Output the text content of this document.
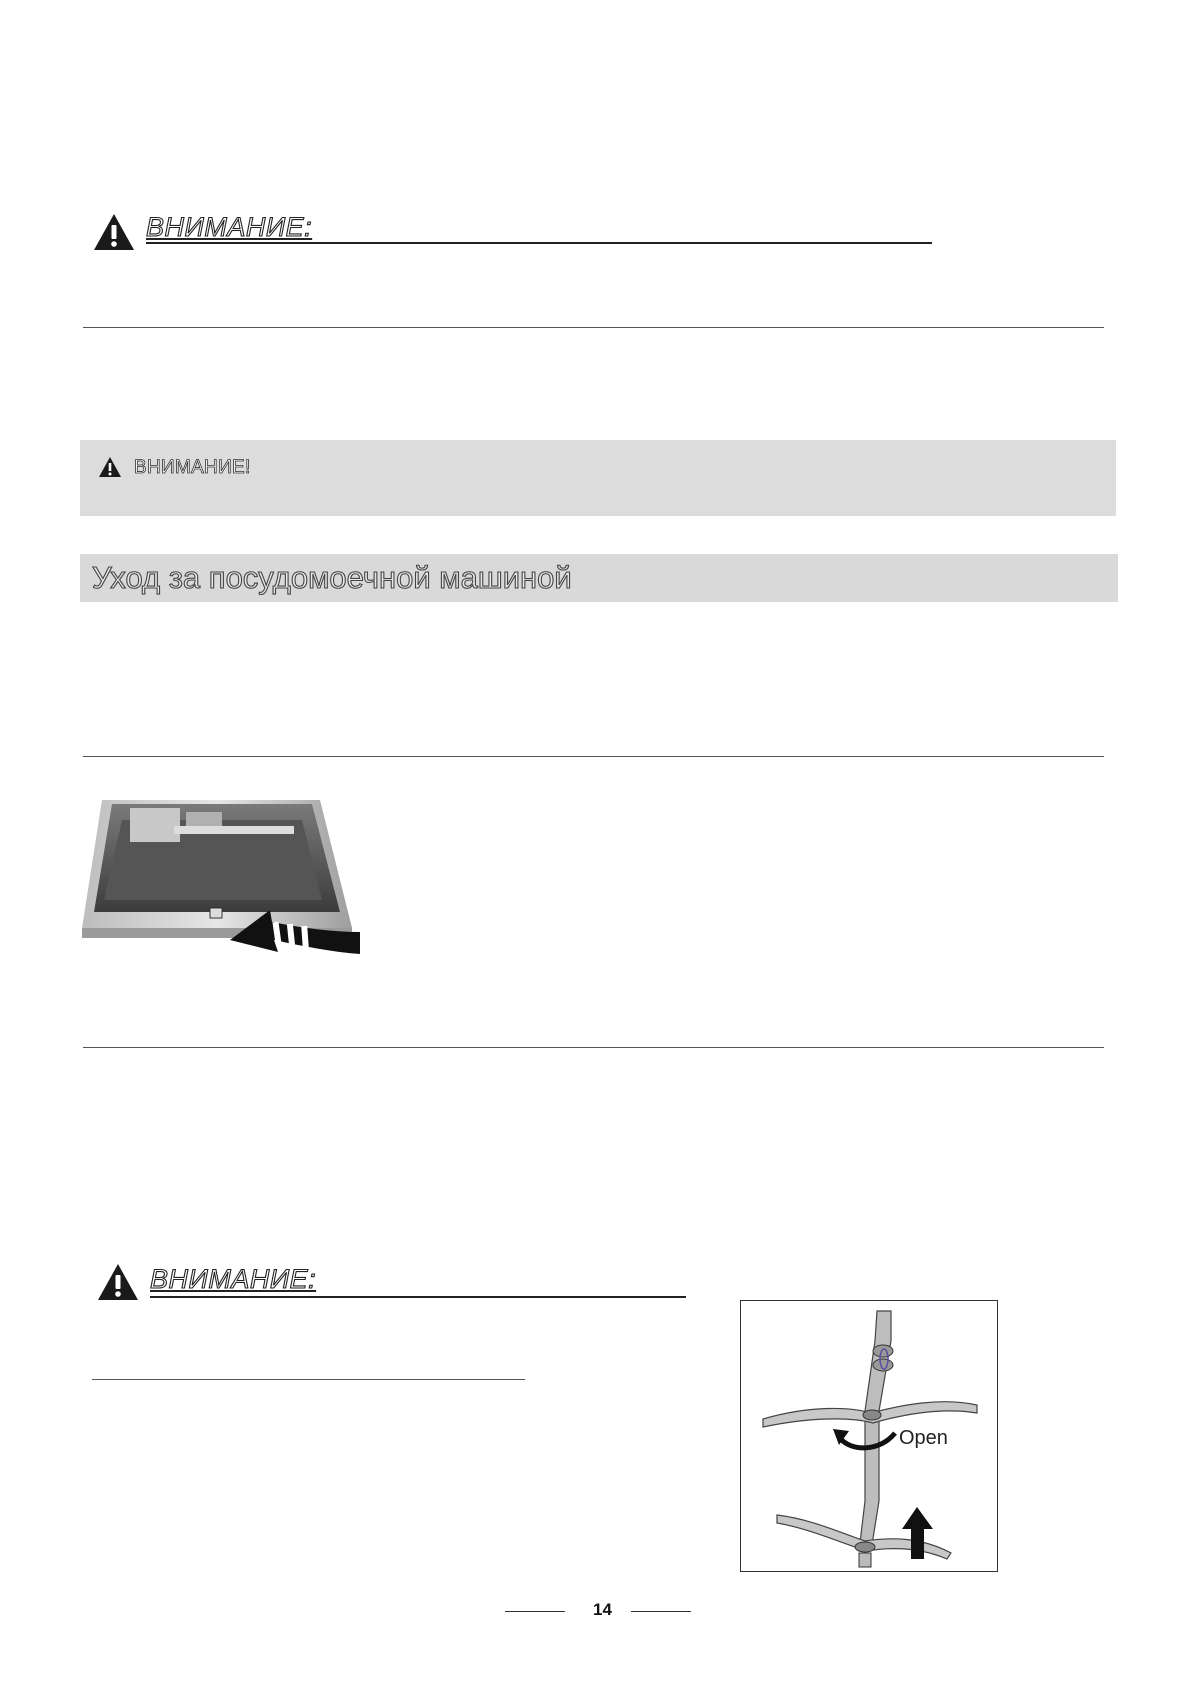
ВНИМАНИЕ:
ВНИМАНИЕ!
Уход за посудомоечной машиной
ВНИМАНИЕ:
Open
14
